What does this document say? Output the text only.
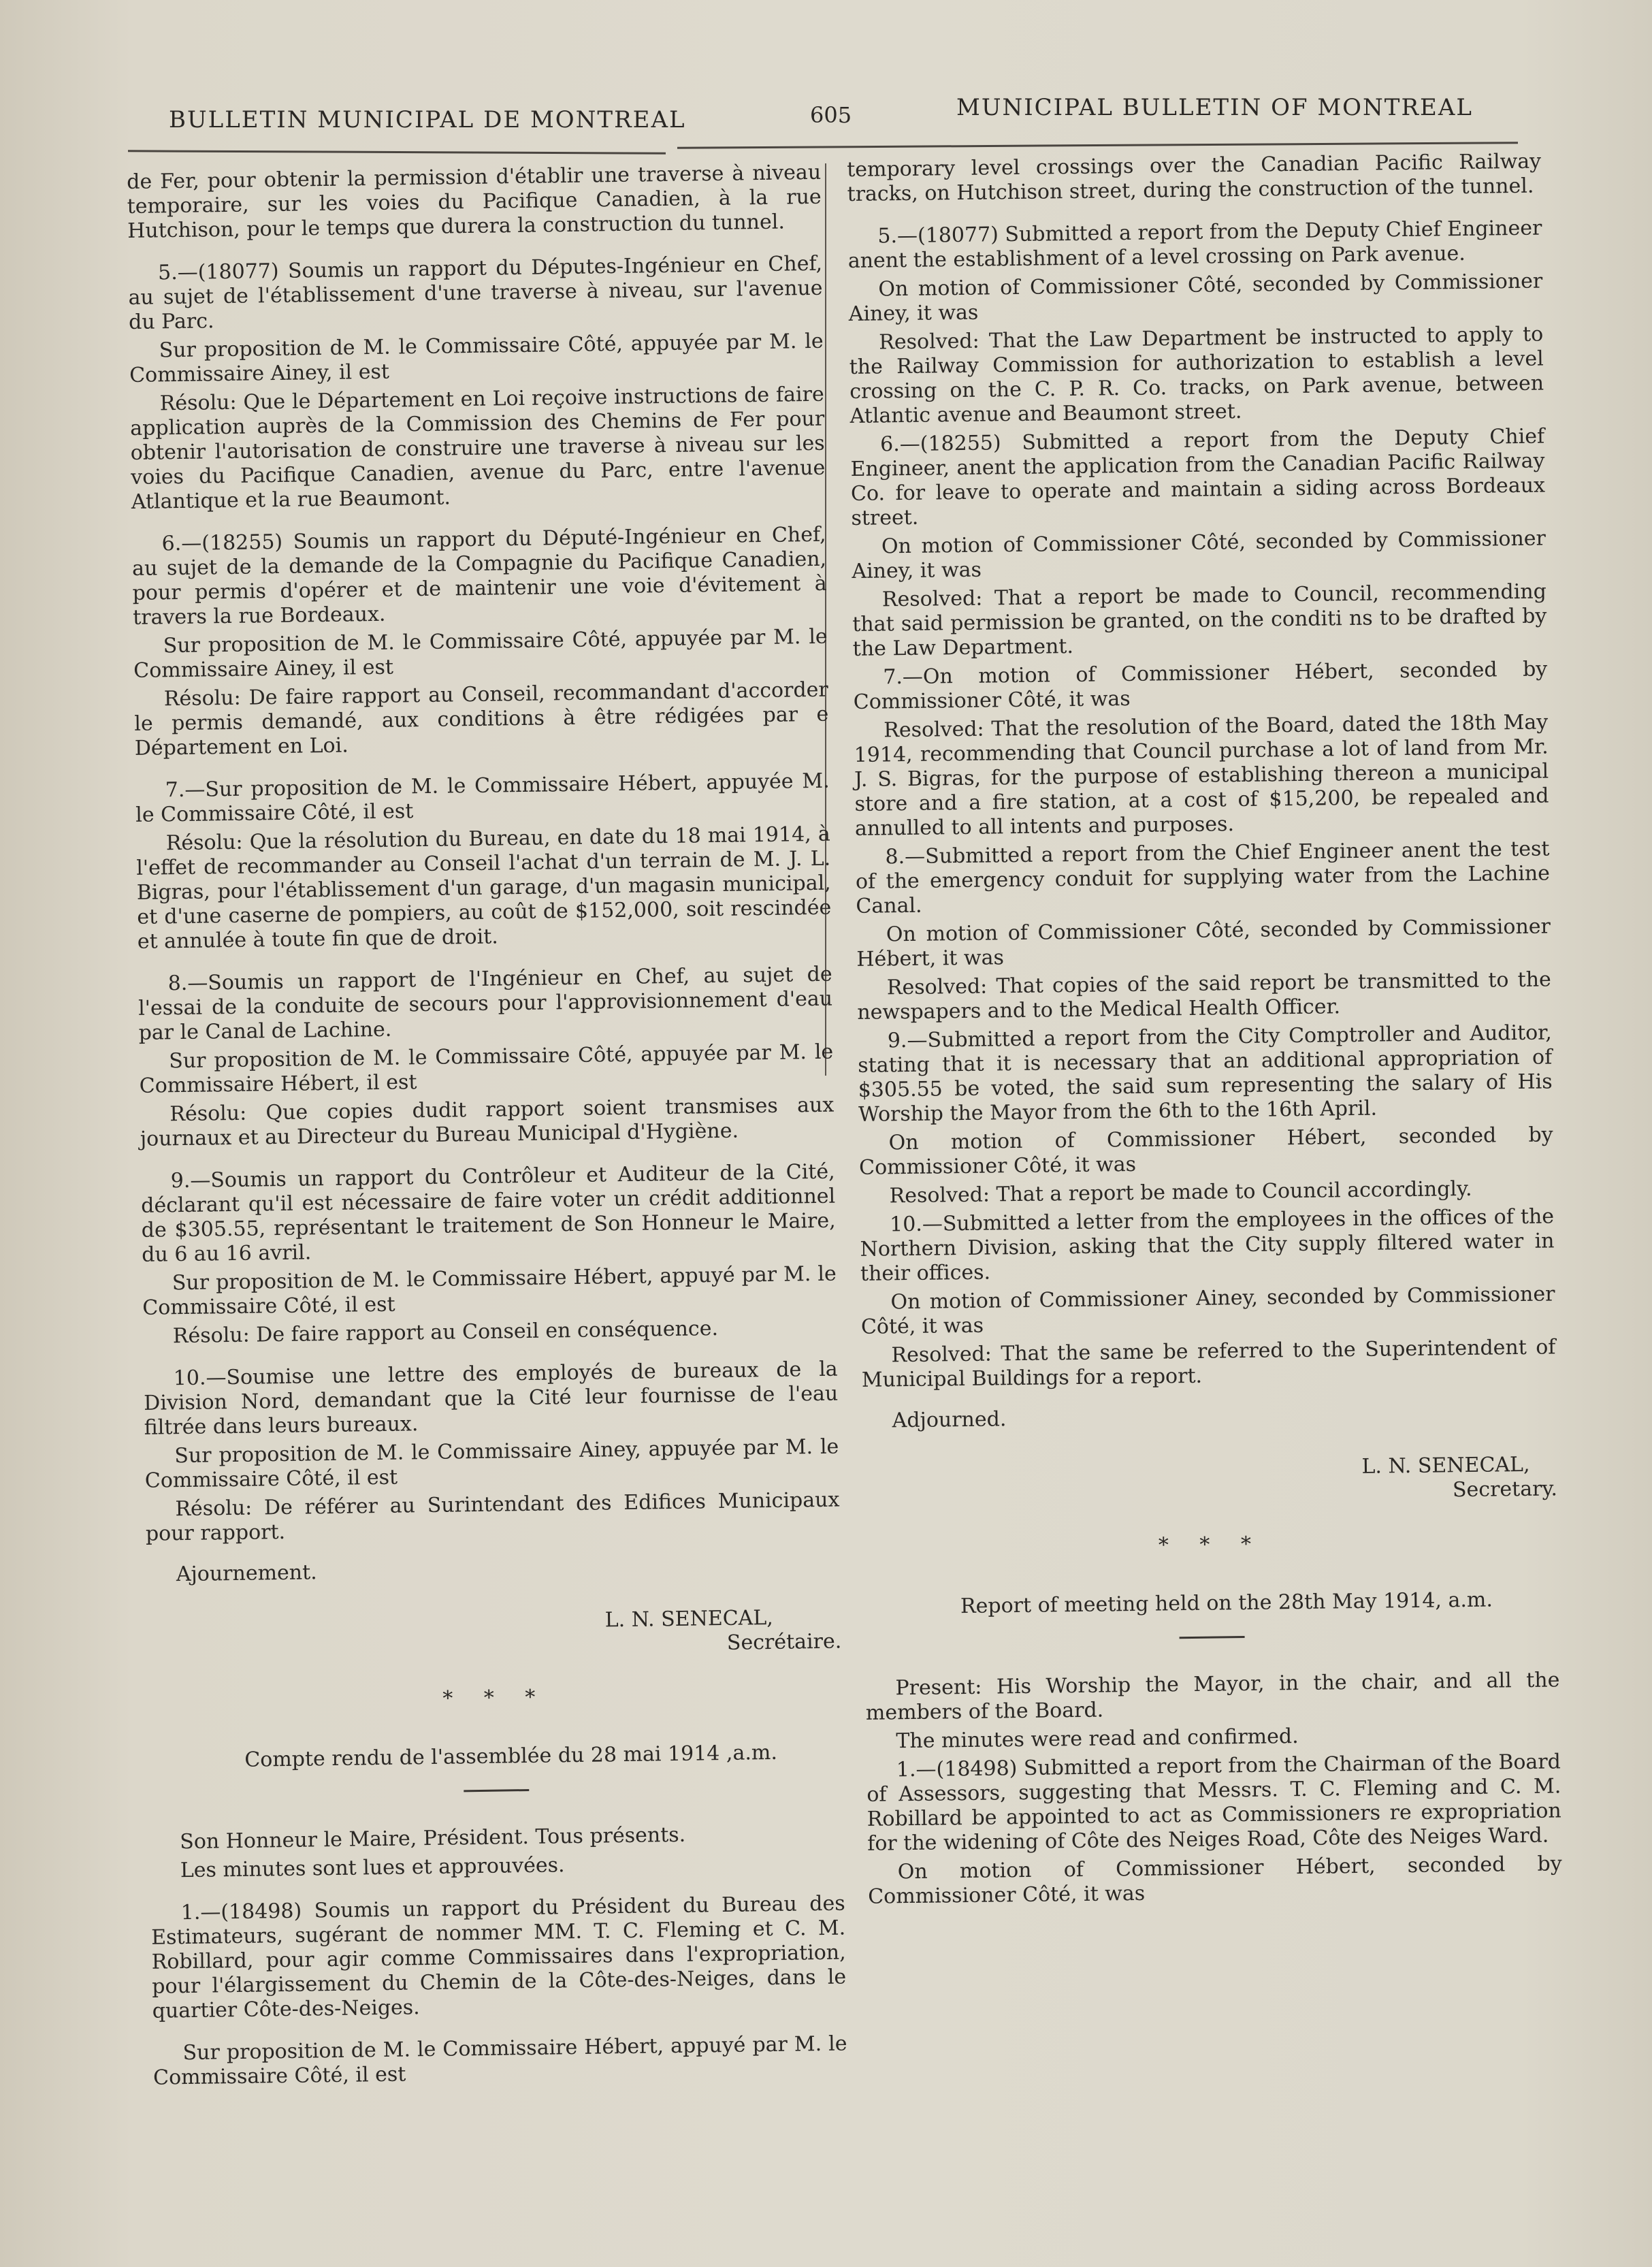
BULLETIN MUNICIPAL DE MONTREAL	605	MUNICIPAL BULLETIN OF MONTREAL

de Fer, pour obtenir la permission d'établir une traverse à niveau temporaire, sur les voies du Pacifique Canadien, à la rue Hutchison, pour le temps que durera la construction du tunnel.

5.—(18077) Soumis un rapport du Députes-Ingénieur en Chef, au sujet de l'établissement d'une traverse à niveau, sur l'avenue du Parc.

Sur proposition de M. le Commissaire Côté, appuyée par M. le Commissaire Ainey, il est

Résolu: Que le Département en Loi reçoive instructions de faire application auprès de la Commission des Chemins de Fer pour obtenir l'autorisation de construire une traverse à niveau sur les voies du Pacifique Canadien, avenue du Parc, entre l'avenue Atlantique et la rue Beaumont.

6.—(18255) Soumis un rapport du Député-Ingénieur en Chef, au sujet de la demande de la Compagnie du Pacifique Canadien, pour permis d'opérer et de maintenir une voie d'évitement à travers la rue Bordeaux.

Sur proposition de M. le Commissaire Côté, appuyée par M. le Commissaire Ainey, il est

Résolu: De faire rapport au Conseil, recommandant d'accorder le permis demandé, aux conditions à être rédigées par e Département en Loi.

7.—Sur proposition de M. le Commissaire Hébert, appuyée M. le Commissaire Côté, il est

Résolu: Que la résolution du Bureau, en date du 18 mai 1914, à l'effet de recommander au Conseil l'achat d'un terrain de M. J. L. Bigras, pour l'établissement d'un garage, d'un magasin municipal, et d'une caserne de pompiers, au coût de $152,000, soit rescindée et annulée à toute fin que de droit.

8.—Soumis un rapport de l'Ingénieur en Chef, au sujet de l'essai de la conduite de secours pour l'approvisionnement d'eau par le Canal de Lachine.

Sur proposition de M. le Commissaire Côté, appuyée par M. le Commissaire Hébert, il est

Résolu: Que copies dudit rapport soient transmises aux journaux et au Directeur du Bureau Municipal d'Hygiène.

9.—Soumis un rapport du Contrôleur et Auditeur de la Cité, déclarant qu'il est nécessaire de faire voter un crédit additionnel de $305.55, représentant le traitement de Son Honneur le Maire, du 6 au 16 avril.

Sur proposition de M. le Commissaire Hébert, appuyé par M. le Commissaire Côté, il est

Résolu: De faire rapport au Conseil en conséquence.

10.—Soumise une lettre des employés de bureaux de la Division Nord, demandant que la Cité leur fournisse de l'eau filtrée dans leurs bureaux.

Sur proposition de M. le Commissaire Ainey, appuyée par M. le Commissaire Côté, il est

Résolu: De référer au Surintendant des Edifices Municipaux pour rapport.

Ajournement.

L. N. SENECAL,

Secrétaire.

* * *

Compte rendu de l'assemblée du 28 mai 1914 ,a.m.

Son Honneur le Maire, Président. Tous présents.

Les minutes sont lues et approuvées.

1.—(18498) Soumis un rapport du Président du Bureau des Estimateurs, sugérant de nommer MM. T. C. Fleming et C. M. Robillard, pour agir comme Commissaires dans l'expropriation, pour l'élargissement du Chemin de la Côte-des-Neiges, dans le quartier Côte-des-Neiges.

Sur proposition de M. le Commissaire Hébert, appuyé par M. le Commissaire Côté, il est

temporary level crossings over the Canadian Pacific Railway tracks, on Hutchison street, during the construction of the tunnel.

5.—(18077) Submitted a report from the Deputy Chief Engineer anent the establishment of a level crossing on Park avenue.

On motion of Commissioner Côté, seconded by Commissioner Ainey, it was

Resolved: That the Law Department be instructed to apply to the Railway Commission for authorization to establish a level crossing on the C. P. R. Co. tracks, on Park avenue, between Atlantic avenue and Beaumont street.

6.—(18255) Submitted a report from the Deputy Chief Engineer, anent the application from the Canadian Pacific Railway Co. for leave to operate and maintain a siding across Bordeaux street.

On motion of Commissioner Côté, seconded by Commissioner Ainey, it was

Resolved: That a report be made to Council, recommending that said permission be granted, on the conditi ns to be drafted by the Law Department.

7.—On motion of Commissioner Hébert, seconded by Commissioner Côté, it was

Resolved: That the resolution of the Board, dated the 18th May 1914, recommending that Council purchase a lot of land from Mr. J. S. Bigras, for the purpose of establishing thereon a municipal store and a fire station, at a cost of $15,200, be repealed and annulled to all intents and purposes.

8.—Submitted a report from the Chief Engineer anent the test of the emergency conduit for supplying water from the Lachine Canal.

On motion of Commissioner Côté, seconded by Commissioner Hébert, it was

Resolved: That copies of the said report be transmitted to the newspapers and to the Medical Health Officer.

9.—Submitted a report from the City Comptroller and Auditor, stating that it is necessary that an additional appropriation of $305.55 be voted, the said sum representing the salary of His Worship the Mayor from the 6th to the 16th April.

On motion of Commissioner Hébert, seconded by Commissioner Côté, it was

Resolved: That a report be made to Council accordingly.

10.—Submitted a letter from the employees in the offices of the Northern Division, asking that the City supply filtered water in their offices.

On motion of Commissioner Ainey, seconded by Commissioner Côté, it was

Resolved: That the same be referred to the Superintendent of Municipal Buildings for a report.

Adjourned.

L. N. SENECAL,

Secretary.

* * *

Report of meeting held on the 28th May 1914, a.m.

Present: His Worship the Mayor, in the chair, and all the members of the Board.

The minutes were read and confirmed.

1.—(18498) Submitted a report from the Chairman of the Board of Assessors, suggesting that Messrs. T. C. Fleming and C. M. Robillard be appointed to act as Commissioners re expropriation for the widening of Côte des Neiges Road, Côte des Neiges Ward.

On motion of Commissioner Hébert, seconded by Commissioner Côté, it was
